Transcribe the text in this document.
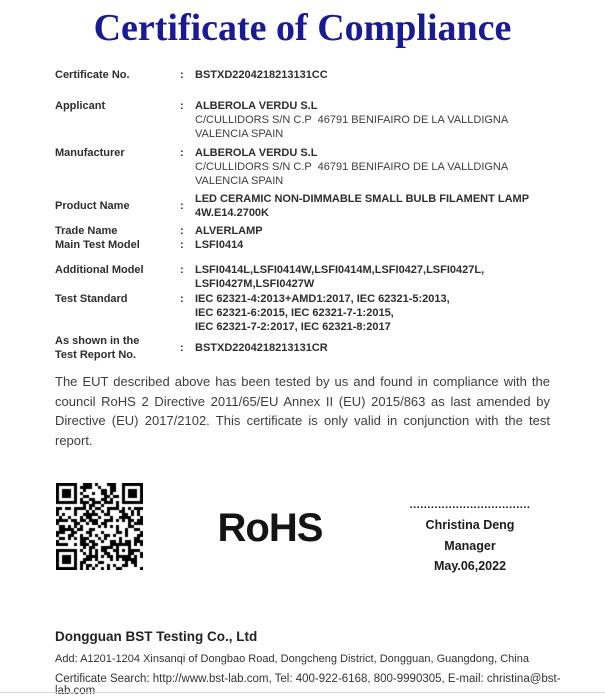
Certificate of Compliance
Certificate No.	:	BSTXD2204218213131CC
Applicant	:	ALBEROLA VERDU S.L
C/CULLIDORS S/N C.P  46791 BENIFAIRO DE LA VALLDIGNA
VALENCIA SPAIN
Manufacturer	:	ALBEROLA VERDU S.L
C/CULLIDORS S/N C.P  46791 BENIFAIRO DE LA VALLDIGNA
VALENCIA SPAIN
Product Name	:
LED CERAMIC NON-DIMMABLE SMALL BULB FILAMENT LAMP
4W.E14.2700K
Trade Name	:	ALVERLAMP
Main Test Model	:	LSFI0414
Additional Model	:	LSFI0414L,LSFI0414W,LSFI0414M,LSFI0427,LSFI0427L,
LSFI0427M,LSFI0427W
Test Standard	:	IEC 62321-4:2013+AMD1:2017, IEC 62321-5:2013,
IEC 62321-6:2015, IEC 62321-7-1:2015,
IEC 62321-7-2:2017, IEC 62321-8:2017
As shown in the
Test Report No.
:	BSTXD2204218213131CR

The EUT described above has been tested by us and found in compliance with the council RoHS 2 Directive 2011/65/EU Annex II (EU) 2015/863 as last amended by Directive (EU) 2017/2102. This certificate is only valid in conjunction with the test report.

RoHS
..................................
Christina Deng
Manager
May.06,2022
Dongguan BST Testing Co., Ltd
Add: A1201-1204 Xinsanqi of Dongbao Road, Dongcheng District, Dongguan, Guangdong, China
Certificate Search: http://www.bst-lab.com, Tel: 400-922-6168, 800-9990305, E-mail: christina@bst-lab.com
